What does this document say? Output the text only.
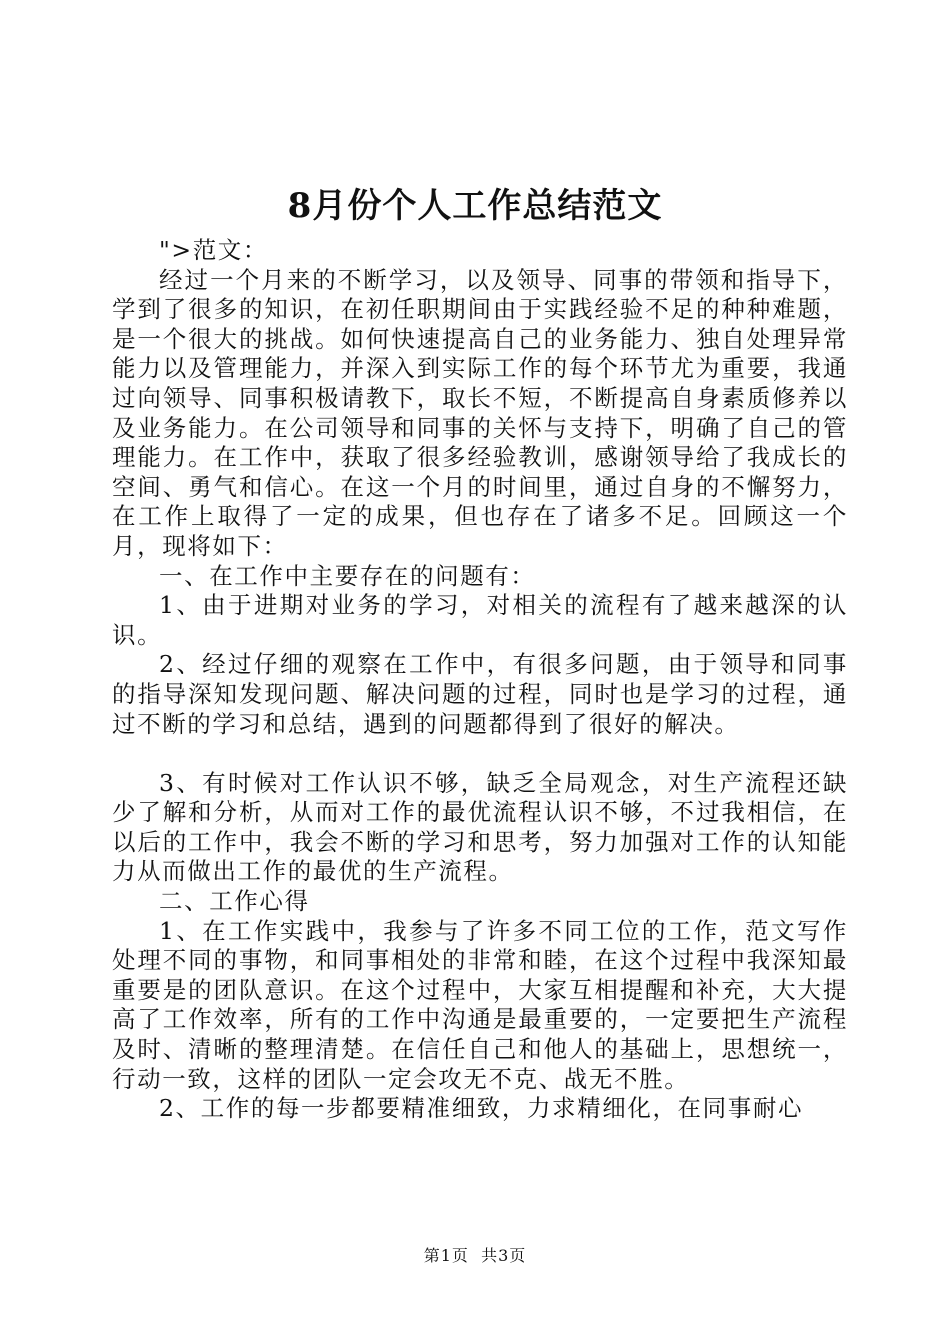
8月份个人工作总结范文

">范文：

经过一个月来的不断学习，以及领导、同事的带领和指导下，学到了很多的知识，在初任职期间由于实践经验不足的种种难题，是一个很大的挑战。如何快速提高自己的业务能力、独自处理异常能力以及管理能力，并深入到实际工作的每个环节尤为重要，我通过向领导、同事积极请教下，取长不短，不断提高自身素质修养以及业务能力。在公司领导和同事的关怀与支持下，明确了自己的管理能力。在工作中，获取了很多经验教训，感谢领导给了我成长的空间、勇气和信心。在这一个月的时间里，通过自身的不懈努力，在工作上取得了一定的成果，但也存在了诸多不足。回顾这一个月，现将如下：

一、在工作中主要存在的问题有：

1、由于进期对业务的学习，对相关的流程有了越来越深的认识。

2、经过仔细的观察在工作中，有很多问题，由于领导和同事的指导深知发现问题、解决问题的过程，同时也是学习的过程，通过不断的学习和总结，遇到的问题都得到了很好的解决。

3、有时候对工作认识不够，缺乏全局观念，对生产流程还缺少了解和分析，从而对工作的最优流程认识不够，不过我相信，在以后的工作中，我会不断的学习和思考，努力加强对工作的认知能力从而做出工作的最优的生产流程。

二、工作心得

1、在工作实践中，我参与了许多不同工位的工作，范文写作处理不同的事物，和同事相处的非常和睦，在这个过程中我深知最重要是的团队意识。在这个过程中，大家互相提醒和补充，大大提高了工作效率，所有的工作中沟通是最重要的，一定要把生产流程及时、清晰的整理清楚。在信任自己和他人的基础上，思想统一，行动一致，这样的团队一定会攻无不克、战无不胜。

2、工作的每一步都要精准细致，力求精细化，在同事耐心

第1页 共3页
